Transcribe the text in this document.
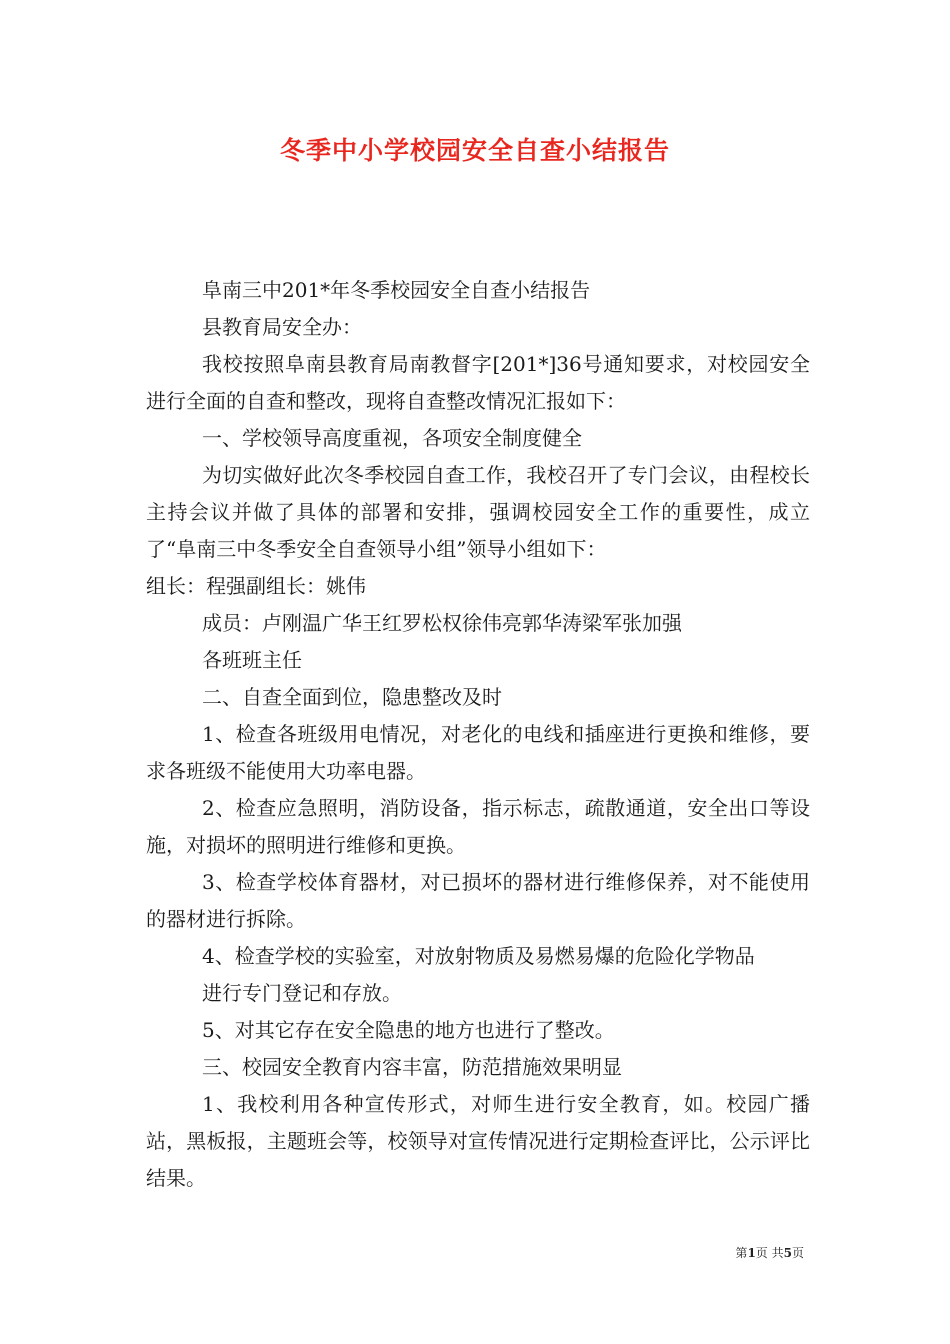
冬季中小学校园安全自查小结报告

阜南三中201*年冬季校园安全自查小结报告

县教育局安全办：

我校按照阜南县教育局南教督字[201*]36号通知要求，对校园安全进行全面的自查和整改，现将自查整改情况汇报如下：

一、学校领导高度重视，各项安全制度健全

为切实做好此次冬季校园自查工作，我校召开了专门会议，由程校长主持会议并做了具体的部署和安排，强调校园安全工作的重要性，成立了“阜南三中冬季安全自查领导小组”领导小组如下：

组长：程强副组长：姚伟

成员：卢刚温广华王红罗松权徐伟亮郭华涛梁军张加强

各班班主任

二、自查全面到位，隐患整改及时

1、检查各班级用电情况，对老化的电线和插座进行更换和维修，要求各班级不能使用大功率电器。

2、检查应急照明，消防设备，指示标志，疏散通道，安全出口等设施，对损坏的照明进行维修和更换。

3、检查学校体育器材，对已损坏的器材进行维修保养，对不能使用的器材进行拆除。

4、检查学校的实验室，对放射物质及易燃易爆的危险化学物品

进行专门登记和存放。

5、对其它存在安全隐患的地方也进行了整改。

三、校园安全教育内容丰富，防范措施效果明显

1、我校利用各种宣传形式，对师生进行安全教育，如。校园广播站，黑板报，主题班会等，校领导对宣传情况进行定期检查评比，公示评比结果。

第1页 共5页
